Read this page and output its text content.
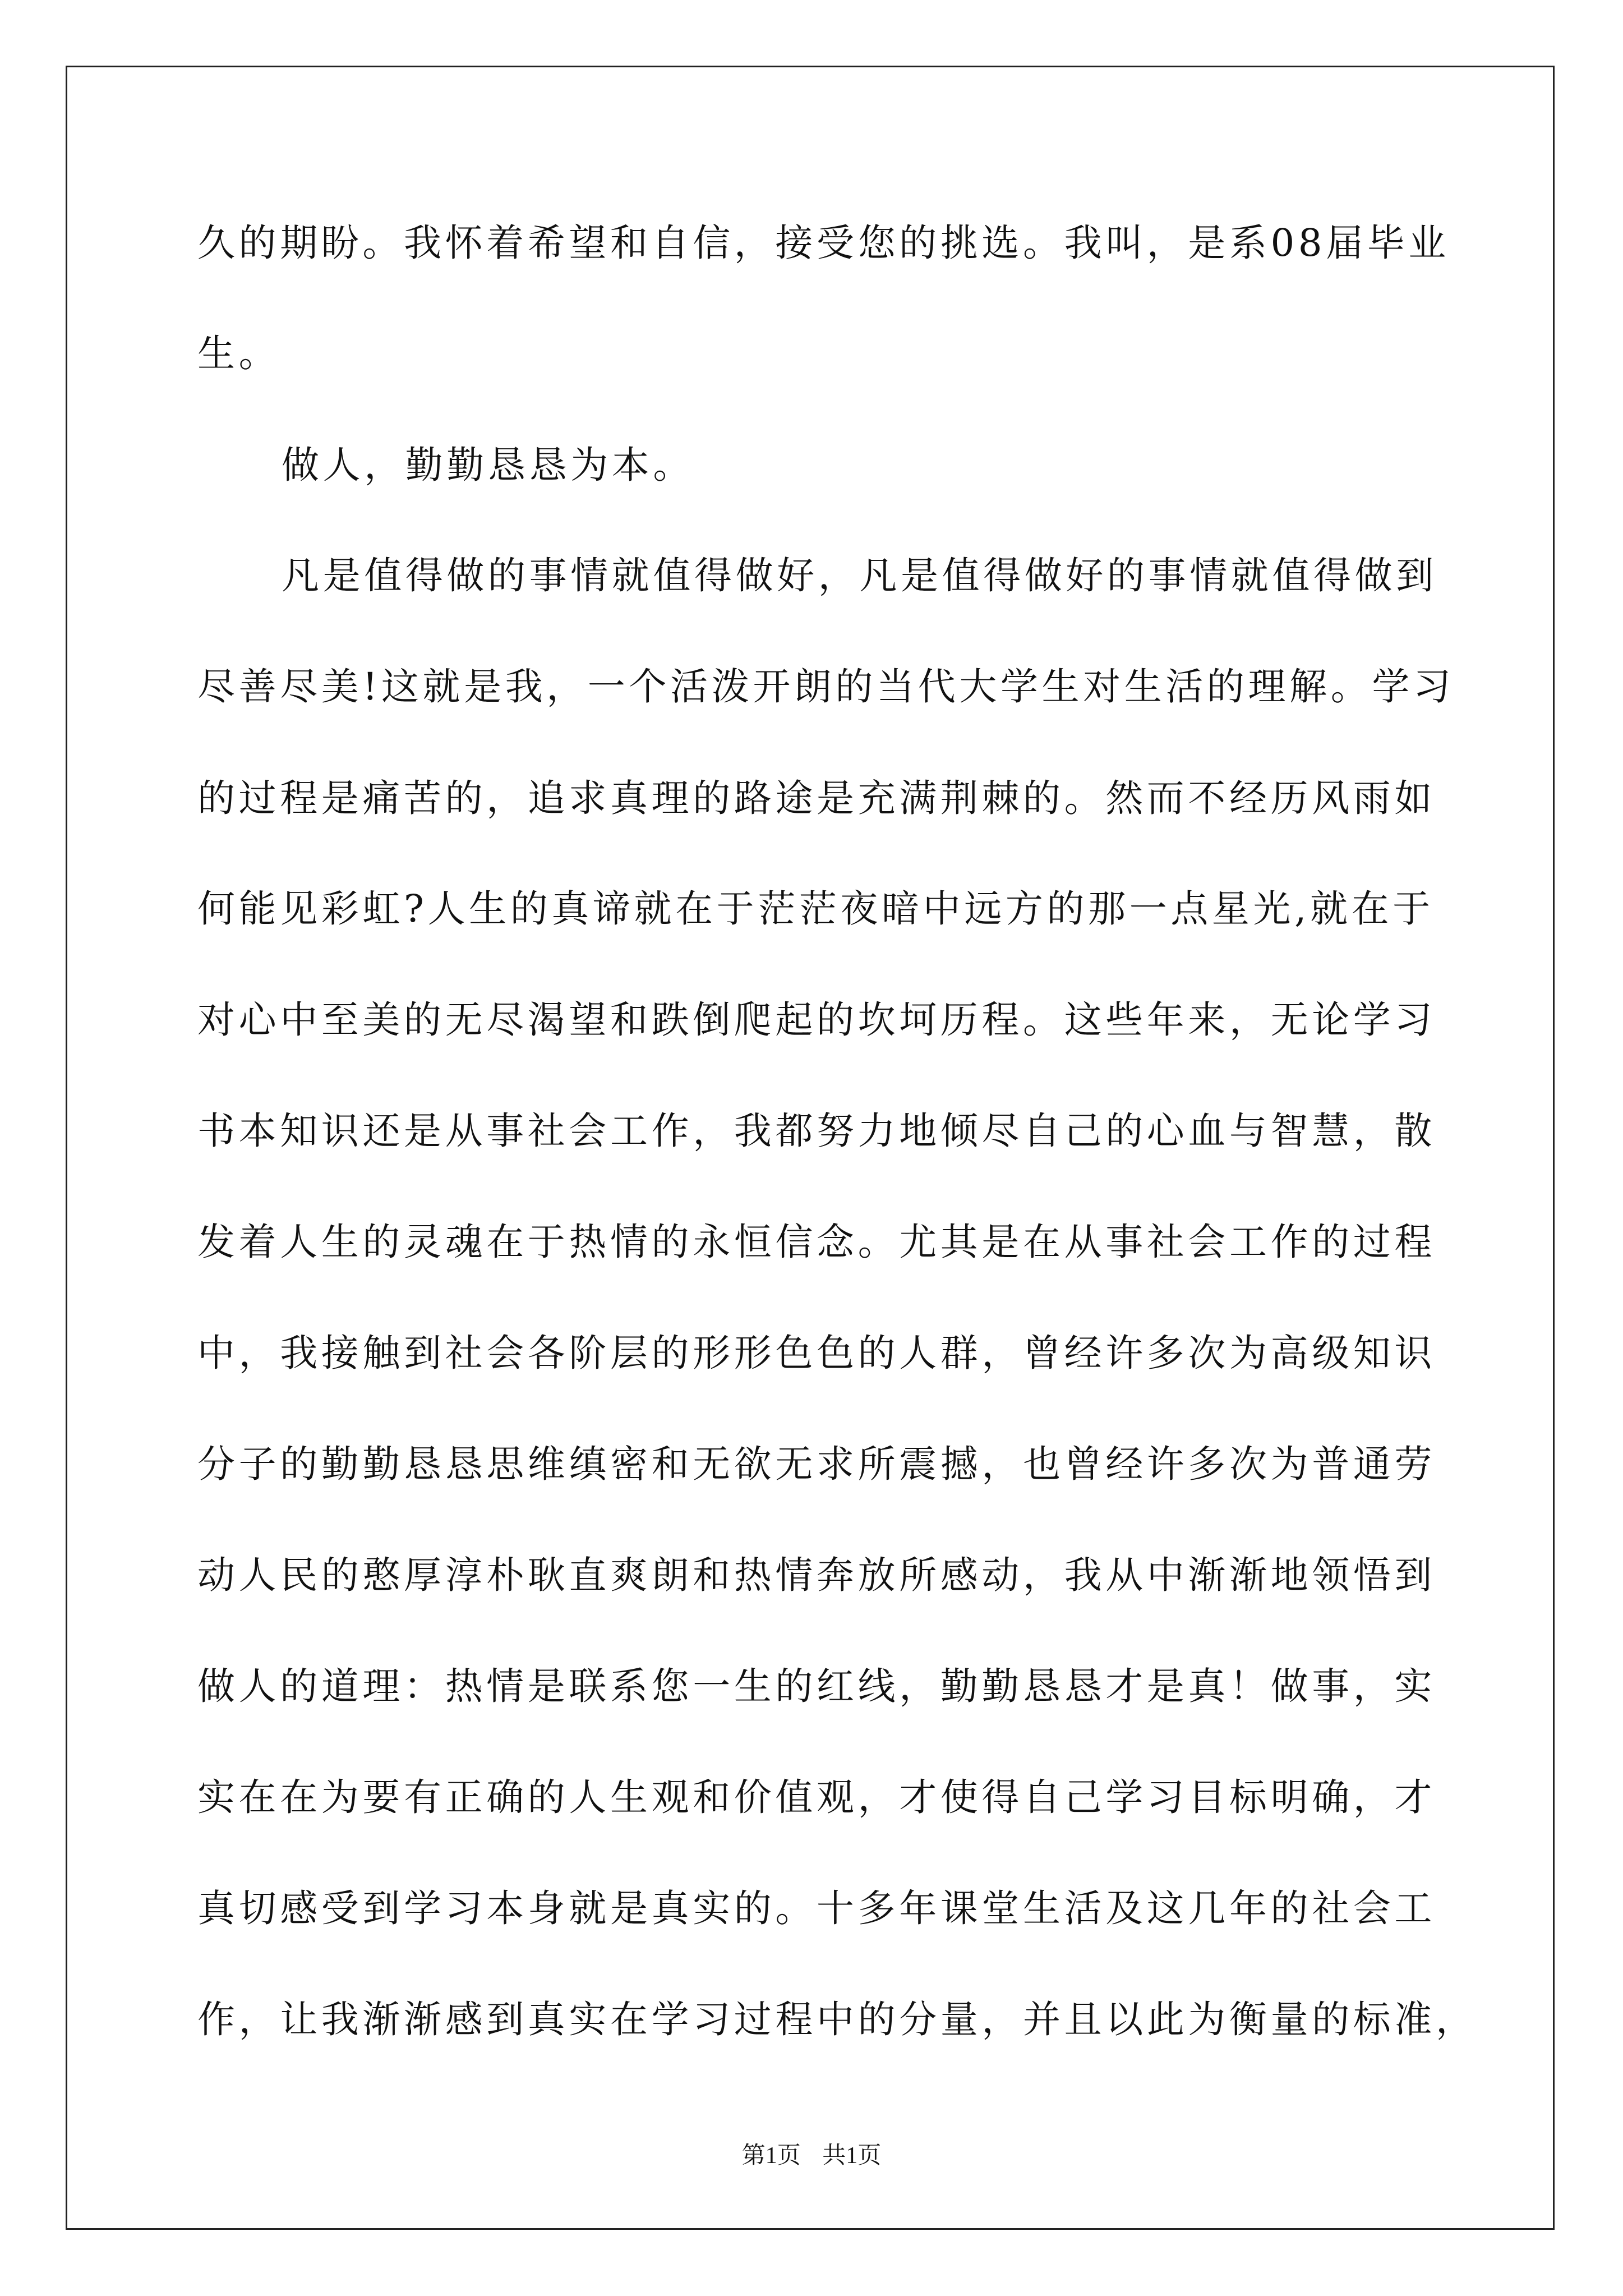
久的期盼。我怀着希望和自信，接受您的挑选。我叫，是系08届毕业
生。
做人，勤勤恳恳为本。
凡是值得做的事情就值得做好，凡是值得做好的事情就值得做到
尽善尽美!这就是我，一个活泼开朗的当代大学生对生活的理解。学习
的过程是痛苦的，追求真理的路途是充满荆棘的。然而不经历风雨如
何能见彩虹?人生的真谛就在于茫茫夜暗中远方的那一点星光,就在于
对心中至美的无尽渴望和跌倒爬起的坎坷历程。这些年来，无论学习
书本知识还是从事社会工作，我都努力地倾尽自己的心血与智慧，散
发着人生的灵魂在于热情的永恒信念。尤其是在从事社会工作的过程
中，我接触到社会各阶层的形形色色的人群，曾经许多次为高级知识
分子的勤勤恳恳思维缜密和无欲无求所震撼，也曾经许多次为普通劳
动人民的憨厚淳朴耿直爽朗和热情奔放所感动，我从中渐渐地领悟到
做人的道理：热情是联系您一生的红线，勤勤恳恳才是真！做事，实
实在在为要有正确的人生观和价值观，才使得自己学习目标明确，才
真切感受到学习本身就是真实的。十多年课堂生活及这几年的社会工
作，让我渐渐感到真实在学习过程中的分量，并且以此为衡量的标准，
第1页 共1页
